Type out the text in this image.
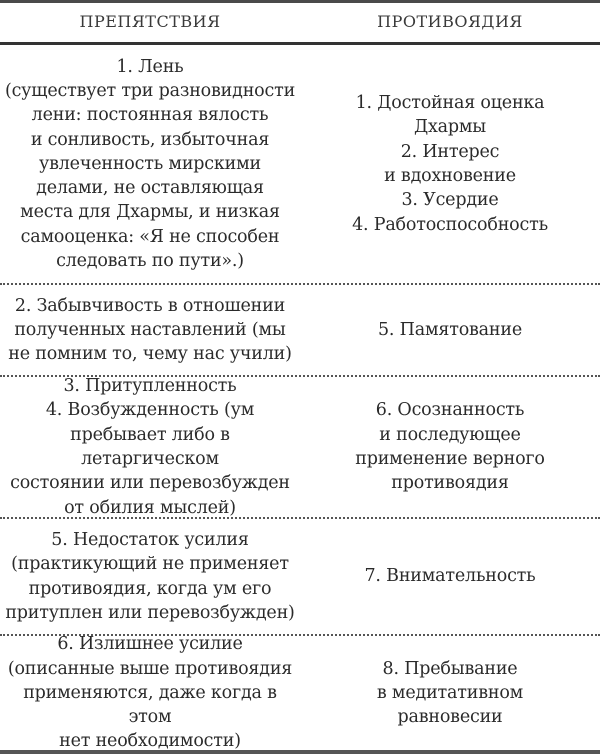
ПРЕПЯТСТВИЯ	ПРОТИВОЯДИЯ
1. Лень
(существует три разновидности
лени: постоянная вялость
и сонливость, избыточная
увлеченность мирскими
делами, не оставляющая
места для Дхармы, и низкая
самооценка: «Я не способен
следовать по пути».)
1. Достойная оценка
Дхармы
2. Интерес
и вдохновение
3. Усердие
4. Работоспособность
2. Забывчивость в отношении
полученных наставлений (мы
не помним то, чему нас учили)
5. Памятование
3. Притупленность
4. Возбужденность (ум
пребывает либо в летаргическом
состоянии или перевозбужден
от обилия мыслей)
6. Осознанность
и последующее
применение верного
противоядия
5. Недостаток усилия
(практикующий не применяет
противоядия, когда ум его
притуплен или перевозбужден)
7. Внимательность
6. Излишнее усилие
(описанные выше противоядия
применяются, даже когда в этом
нет необходимости)
8. Пребывание
в медитативном
равновесии
